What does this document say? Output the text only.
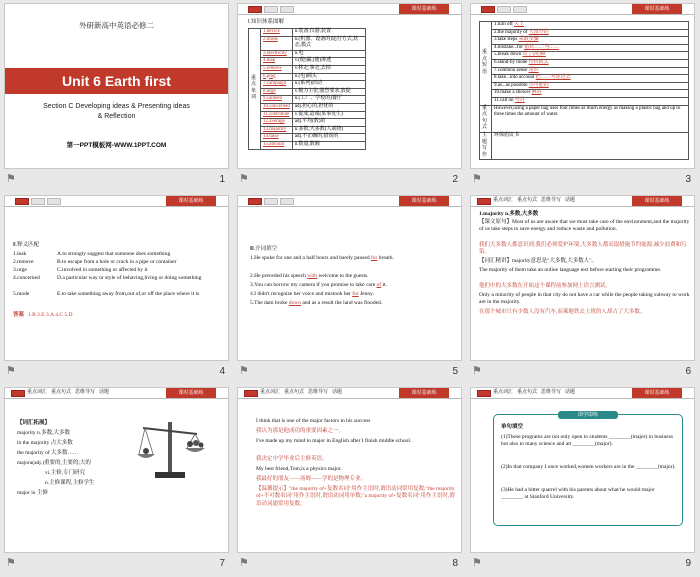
外研新高中英语必修二
Unit 6 Earth first
Section C Developing ideas & Presenting ideas
& Reflection
第一PPT模板网-WWW.1PPT.COM
⚑	1
课时基础练
Ⅰ.知识体系图解
重点单词	1.device	n.装备,仪器,装置
	2.mode	n.(机器、设备的)运行方式,状态,模式
	3.electricity	n.电
	4.leak	v.(使)漏,(使)渗透
	5.remove	v.移走,拿走,去掉
	6.plug	n.(电)插头
	7.campaign	n.(系列)活动
	8.urge	v.极力主张,强烈要求,敦促
	9.canteen	n.(工厂、学校的)餐厅
	10.concerned	adj.担心的,担忧的
	11.contribute	v.促成,造成(某事发生)
	12.average	adj.平均(数)的
	13.majority	n.多数,大多数(人或物)
	14.false	adj.不正确的,错误的
	15.amount	n.数量,数额
⚑	2
课时基础练
重点短语	1.turn off 关上
	2.the majority of 大部分的
	3.take steps 采取步骤
	4.mistake...for 错认……为……
	5.break down 出了(故)障
	6.stand-by mode 待机模式
	7.common sense 常识
	8.take...into account 把……考虑进去
	9.as...as possible 尽可能的
	10.make a shower 淋浴
	11.call on 号召
重点句式	However,using a paper bag uses four times as much energy as making a plastic bag and up to three times the amount of water.
主题写作	环保倡议书
⚑	3
课时基础练
Ⅱ.释义匹配
1.leak	A.to strongly suggest that someone does something
2.remove	B.to escape from a hole or crack in a pipe or container
3.urge	C.involved in something or affected by it
4.concerned	D.a particular way or style of behaving,living or doing something
5.mode	E.to take something away from,out of,or off the place where it is
答案 1.B 2.E 3.A 4.C 5.D
⚑	4
课时基础练
Ⅲ.介词填空
1.He spoke for one and a half hours and barely paused for breath.
2.He preceded his speech with welcome to the guests.
3.You can borrow my camera if you promise to take care of it.
4.I didn't recognize her voice and mistook her for Jenny.
5.The dam broke down and as a result the land was flooded.
⚑	5
重点词汇 重点句式 思维导写 话题	课时基础练
1.majority n.多数,大多数
【课文原句】Most of us are aware that we must take care of the environment,and the majority of us take steps to save energy and reduce waste and pollution.
我们大多数人都意识到,我们必须爱护环境,大多数人都采取措施节约能源,减少浪费和污染。
【词汇精讲】majority意思是"大多数,大多数人"。
The majority of them take an online language test before starting their programme.
他们中的大多数在开始这个课程前参加网上语言测试。
Only a minority of people in that city do not have a car while the people taking subway to work are in the majority.
在那个城市只有少数人没有汽车,而乘地铁去上班的人却占了大多数。
⚑	6
重点词汇 重点句式 思维导写 话题	课时基础练
【词汇拓展】
majority n.多数,大多数
in the majority 占大多数
the majority of 大多数……
majora(adj.)重要的,主要的;大的
vi.主修,专门研究
n.主修课程,主修学生
major in 主修
⚑	7
重点词汇 重点句式 思维导写 话题	课时基础练
I think that is one of the major factors in his success
我认为那是他成功的重要因素之一。
I've made up my mind to major in English after I finish middle school.
我决定中学毕业后主修英语。
My best friend,Tom,is a physics major.
我最好的朋友——汤姆——学的是物理专业。
【温馨提示】"the majority of+复数名词"用作主语时,谓语动词常用复数;"the majority of+不可数名词"用作主语时,谓语动词用单数;"a majority of+复数名词"用作主语时,谓语动词通常用复数。
⚑	8
重点词汇 重点句式 思维导写 话题	课时基础练
即学即练
单句填空
(1)These programs are not only open to students ________(major) in business but also to many science and art ________(major).
(2)In that company I once worked,women workers are in the ________(major).
(3)He had a bitter quarrel with his parents about what he would major ________ at Stanford University.
⚑	9
